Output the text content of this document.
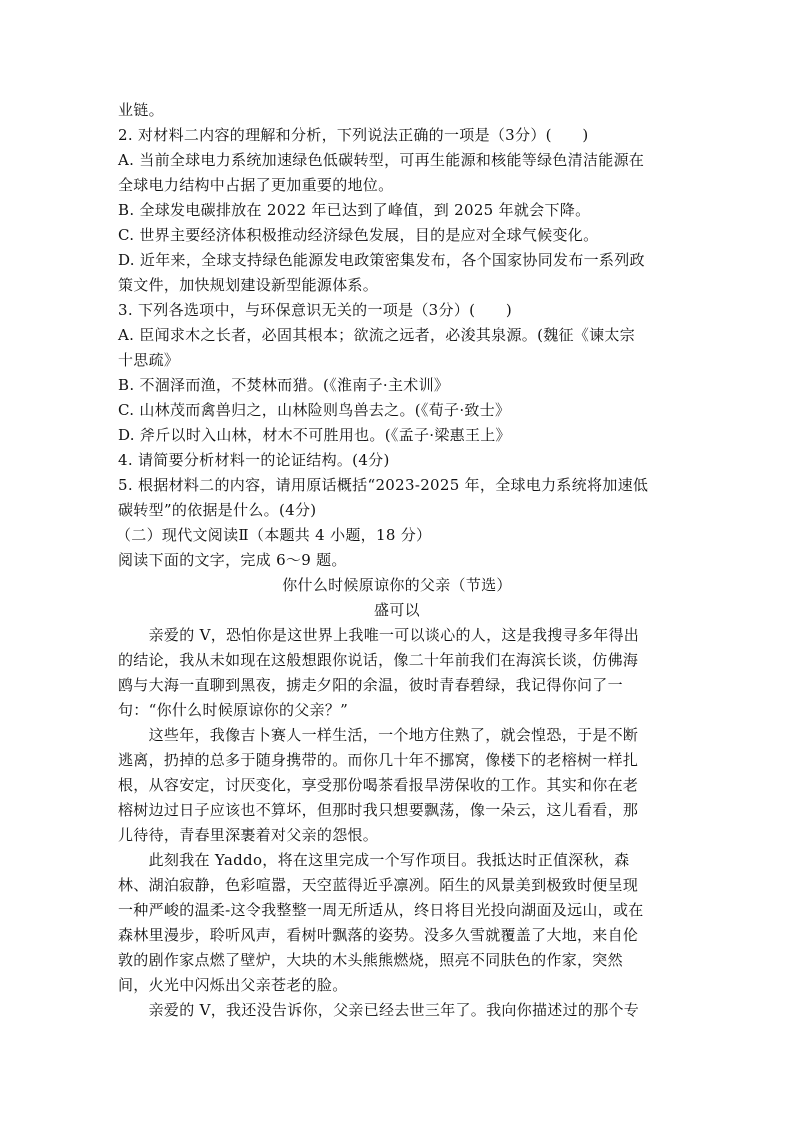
业链。
2. 对材料二内容的理解和分析，下列说法正确的一项是（3分）(　　)
A. 当前全球电力系统加速绿色低碳转型，可再生能源和核能等绿色清洁能源在
全球电力结构中占据了更加重要的地位。
B. 全球发电碳排放在 2022 年已达到了峰值，到 2025 年就会下降。
C. 世界主要经济体积极推动经济绿色发展，目的是应对全球气候变化。
D. 近年来，全球支持绿色能源发电政策密集发布，各个国家协同发布一系列政
策文件，加快规划建设新型能源体系。
3. 下列各选项中，与环保意识无关的一项是（3分）(　　)
A. 臣闻求木之长者，必固其根本；欲流之远者，必浚其泉源。(魏征《谏太宗
十思疏》
B. 不涸泽而渔，不焚林而猎。(《淮南子·主术训》
C. 山林茂而禽兽归之，山林险则鸟兽去之。(《荀子·致士》
D. 斧斤以时入山林，材木不可胜用也。(《孟子·梁惠王上》
4. 请简要分析材料一的论证结构。(4分)
5. 根据材料二的内容，请用原话概括“2023-2025 年，全球电力系统将加速低
碳转型”的依据是什么。(4分)
（二）现代文阅读Ⅱ（本题共 4 小题，18 分）
阅读下面的文字，完成 6～9 题。
你什么时候原谅你的父亲（节选）
盛可以
　　亲爱的 V，恐怕你是这世界上我唯一可以谈心的人，这是我搜寻多年得出
的结论，我从未如现在这般想跟你说话，像二十年前我们在海滨长谈，仿佛海
鸥与大海一直聊到黑夜，掳走夕阳的余温，彼时青春碧绿，我记得你问了一
句：“你什么时候原谅你的父亲？”
　　这些年，我像吉卜赛人一样生活，一个地方住熟了，就会惶恐，于是不断
逃离，扔掉的总多于随身携带的。而你几十年不挪窝，像楼下的老榕树一样扎
根，从容安定，讨厌变化，享受那份喝茶看报旱涝保收的工作。其实和你在老
榕树边过日子应该也不算坏，但那时我只想要飘荡，像一朵云，这儿看看，那
儿待待，青春里深裹着对父亲的怨恨。
　　此刻我在 Yaddo，将在这里完成一个写作项目。我抵达时正值深秋，森
林、湖泊寂静，色彩喧嚣，天空蓝得近乎凛冽。陌生的风景美到极致时便呈现
一种严峻的温柔-这令我整整一周无所适从，终日将目光投向湖面及远山，或在
森林里漫步，聆听风声，看树叶飘落的姿势。没多久雪就覆盖了大地，来自伦
敦的剧作家点燃了壁炉，大块的木头熊熊燃烧，照亮不同肤色的作家，突然
间，火光中闪烁出父亲苍老的脸。
　　亲爱的 V，我还没告诉你，父亲已经去世三年了。我向你描述过的那个专
